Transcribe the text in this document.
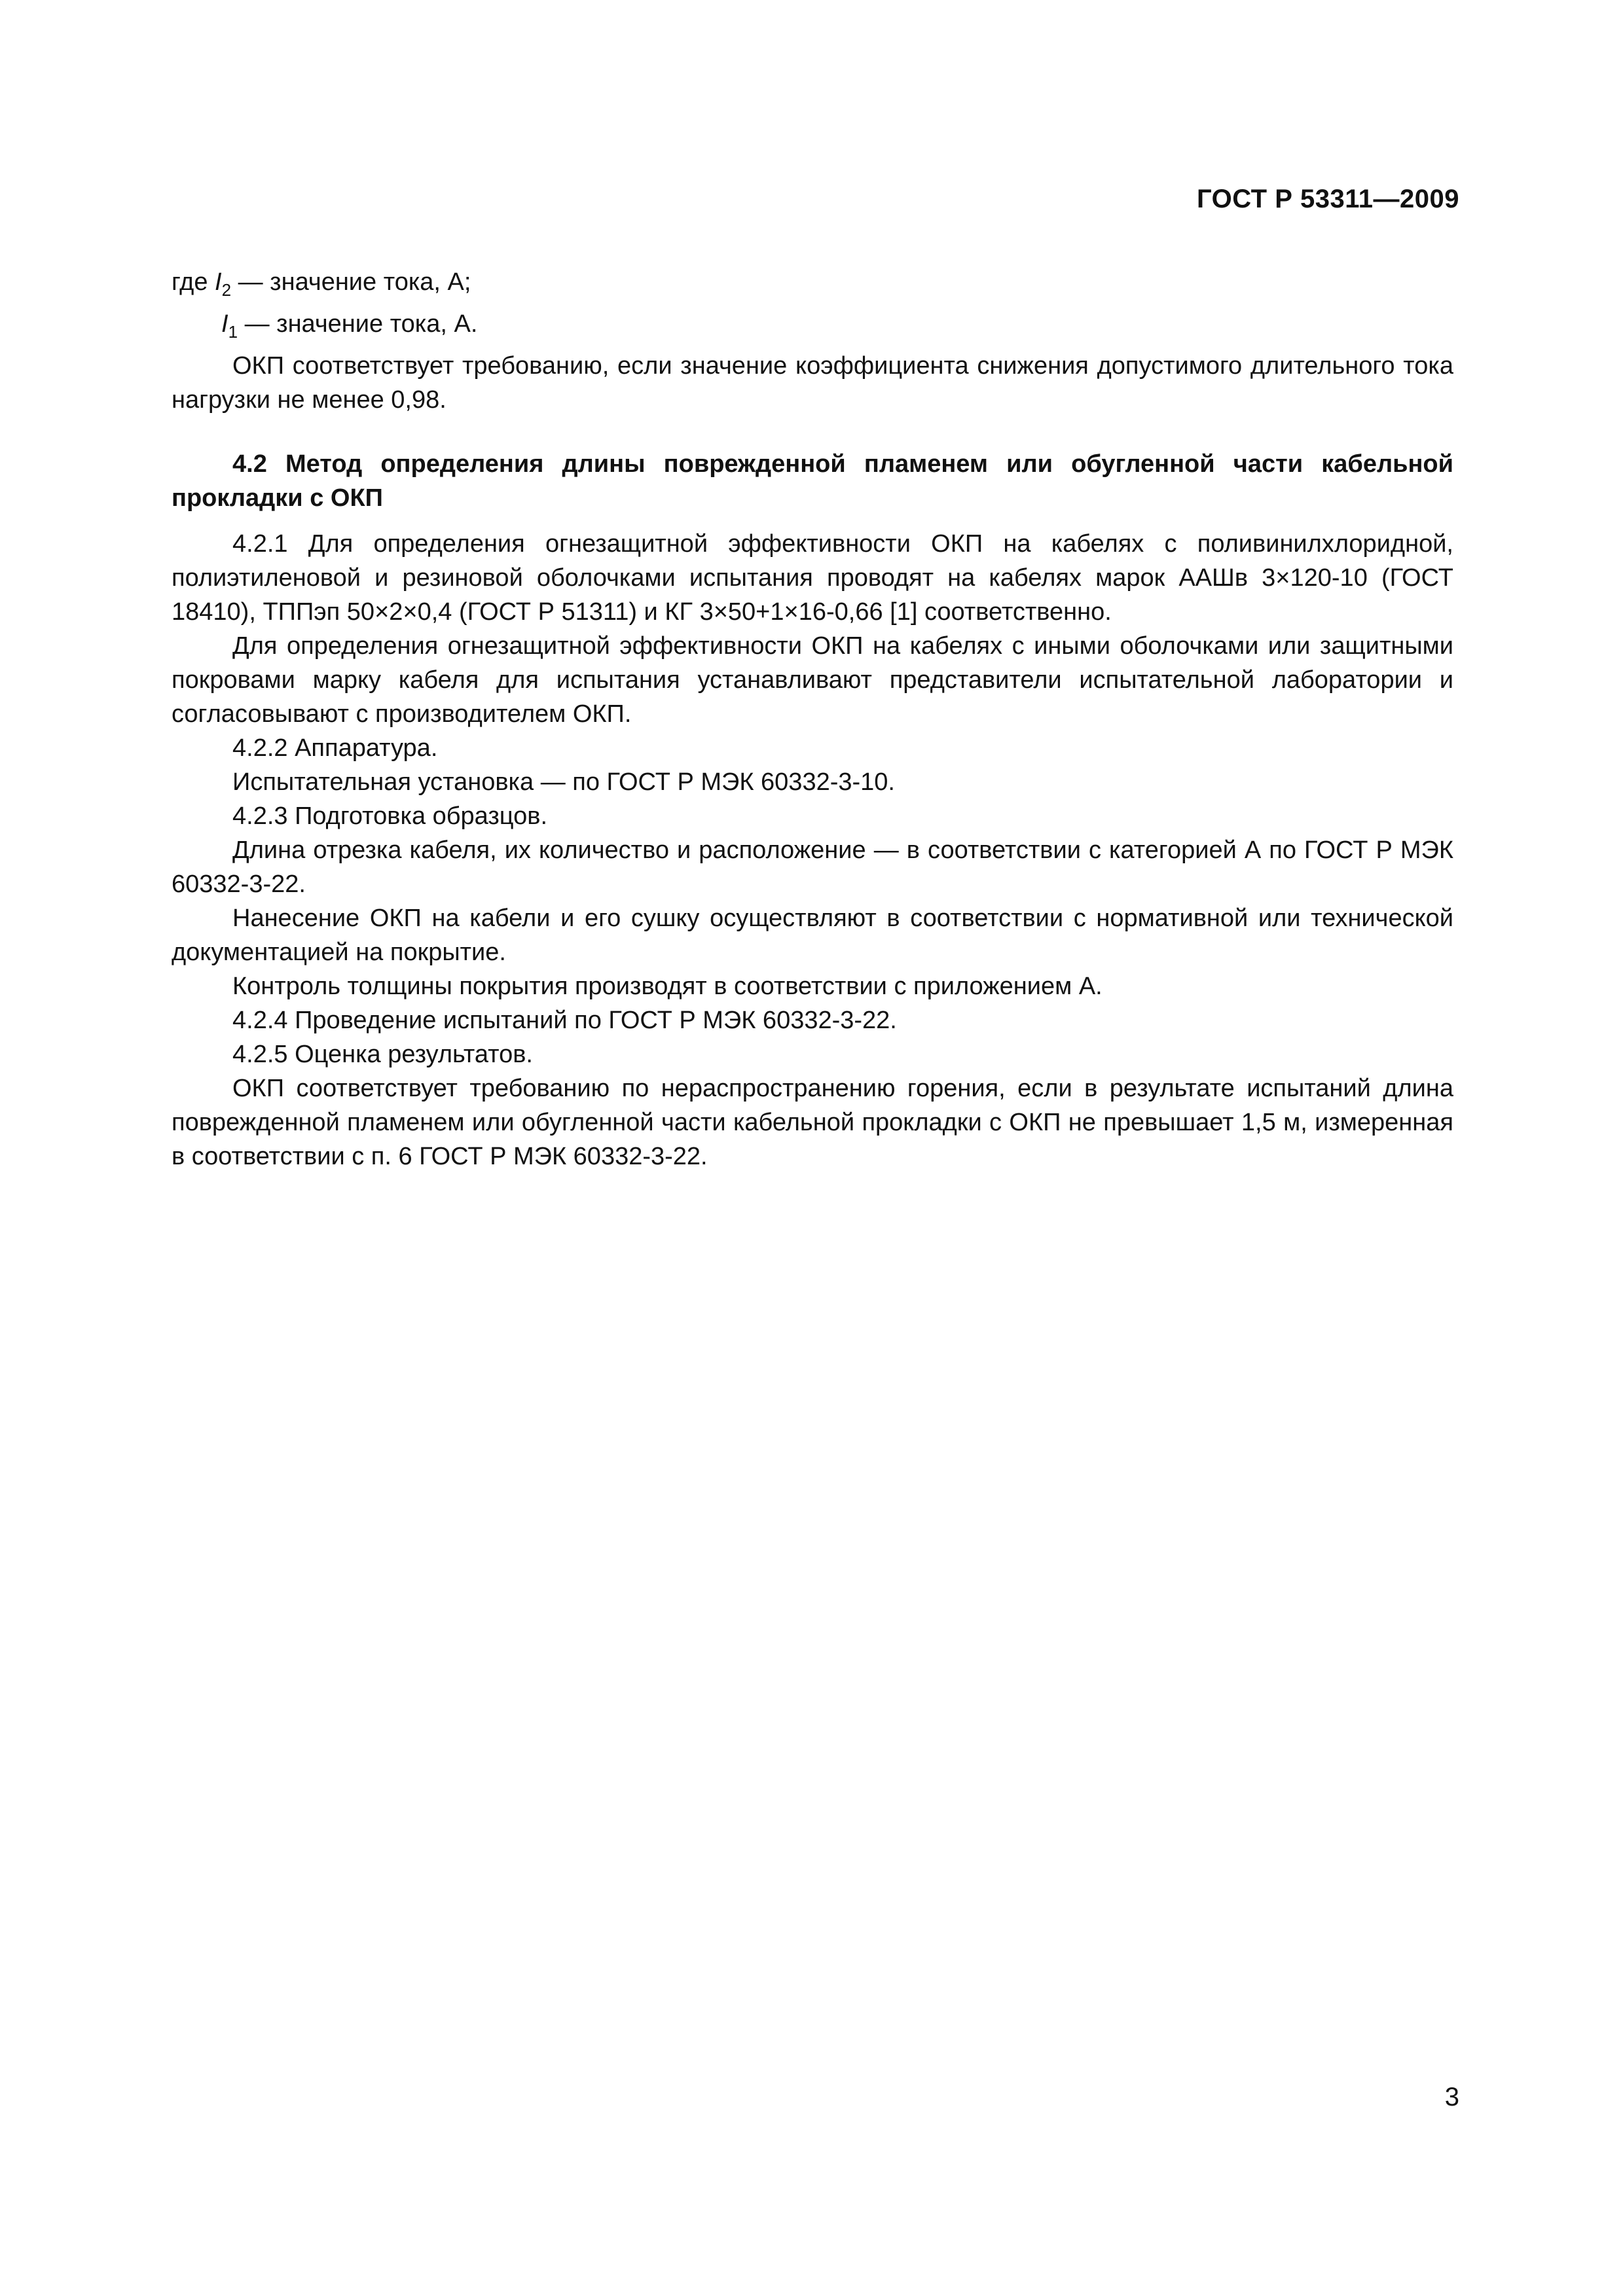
ГОСТ Р 53311—2009

где $I_2$ — значение тока, А;

$I_1$ — значение тока, А.

ОКП соответствует требованию, если значение коэффициента снижения допустимого длительного тока нагрузки не менее 0,98.

4.2 Метод определения длины поврежденной пламенем или обугленной части кабельной прокладки с ОКП

4.2.1 Для определения огнезащитной эффективности ОКП на кабелях с поливинилхлоридной, полиэтиленовой и резиновой оболочками испытания проводят на кабелях марок ААШв 3×120-10 (ГОСТ 18410), ТППэп 50×2×0,4 (ГОСТ Р 51311) и КГ 3×50+1×16-0,66 [1] соответственно.

Для определения огнезащитной эффективности ОКП на кабелях с иными оболочками или защитными покровами марку кабеля для испытания устанавливают представители испытательной лаборатории и согласовывают с производителем ОКП.

4.2.2 Аппаратура.

Испытательная установка — по ГОСТ Р МЭК 60332-3-10.

4.2.3 Подготовка образцов.

Длина отрезка кабеля, их количество и расположение — в соответствии с категорией А по ГОСТ Р МЭК 60332-3-22.

Нанесение ОКП на кабели и его сушку осуществляют в соответствии с нормативной или технической документацией на покрытие.

Контроль толщины покрытия производят в соответствии с приложением А.

4.2.4 Проведение испытаний по ГОСТ Р МЭК 60332-3-22.

4.2.5 Оценка результатов.

ОКП соответствует требованию по нераспространению горения, если в результате испытаний длина поврежденной пламенем или обугленной части кабельной прокладки с ОКП не превышает 1,5 м, измеренная в соответствии с п. 6 ГОСТ Р МЭК 60332-3-22.

3
